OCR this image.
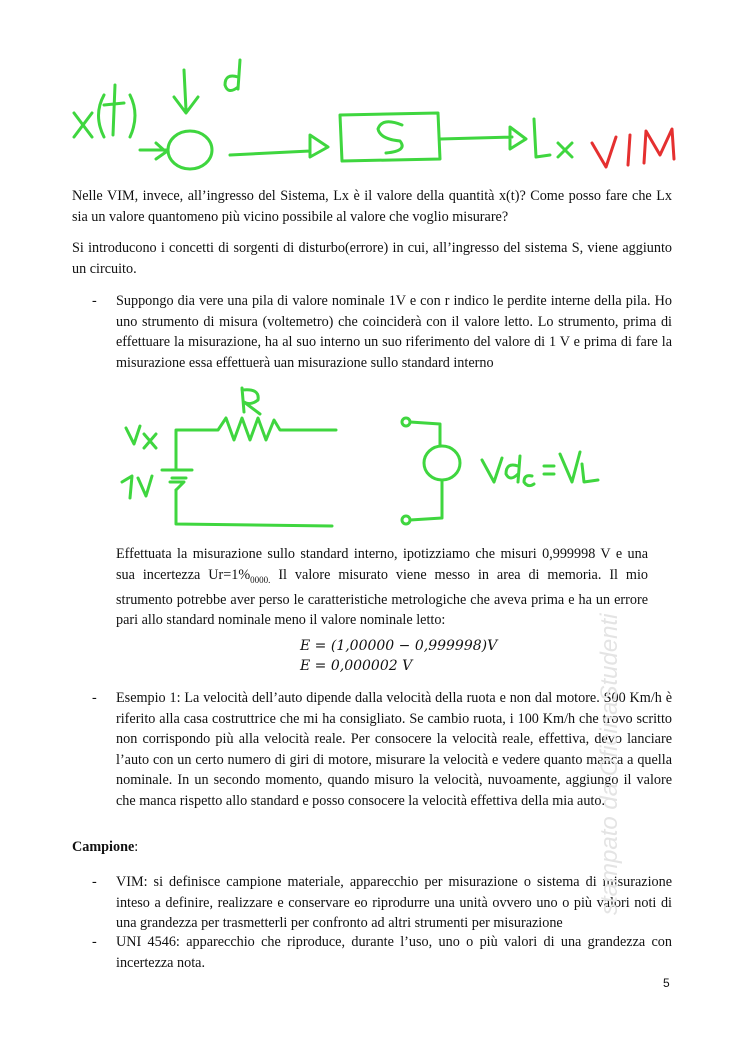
Nelle VIM, invece, all’ingresso del Sistema, Lx è il valore della quantità x(t)? Come posso fare che Lx sia un valore quantomeno più vicino possibile al valore che voglio misurare?

Si introducono i concetti di sorgenti di disturbo(errore) in cui, all’ingresso del sistema S, viene aggiunto un circuito.

- Suppongo dia vere una pila di valore nominale 1V e con r indico le perdite interne della pila. Ho uno strumento di misura (voltemetro) che coinciderà con il valore letto. Lo strumento, prima di effettuare la misurazione, ha al suo interno un suo riferimento del valore di 1 V e prima di fare la misurazione essa effettuerà uan misurazione sullo standard interno
Effettuata la misurazione sullo standard interno, ipotizziamo che misuri 0,999998 V e una sua incertezza $Ur=1\%_{0000.}$ Il valore misurato viene messo in area di memoria. Il mio strumento potrebbe aver perso le caratteristiche metrologiche che aveva prima e ha un errore pari allo standard nominale meno il valore nominale letto:
E = (1,00000 − 0,999998)V
E = 0,000002 V
- Esempio 1: La velocità dell’auto dipende dalla velocità della ruota e non dal motore. S00 Km/h è riferito alla casa costruttrice che mi ha consigliato. Se cambio ruota, i 100 Km/h che trovo scritto non corrispondo più alla velocità reale. Per consocere la velocità reale, effettiva, devo lanciare l’auto con un certo numero di giri di motore, misurare la velocità e vedere quanto manca a quella nominale. In un secondo momento, quando misuro la velocità, nuvoamente, aggiungo il valore che manca rispetto allo standard e posso consocere la velocità effettiva della mia auto.
Campione:
- VIM: si definisce campione materiale, apparecchio per misurazione o sistema di misurazione inteso a definire, realizzare e conservare eo riprodurre una unità ovvero uno o più valori noti di una grandezza per trasmetterli per confronto ad altri strumenti per misurazione
- UNI 4546: apparecchio che riproduce, durante l’uso, uno o più valori di una grandezza con incertezza nota.
5
stampato da OficinaStudenti
